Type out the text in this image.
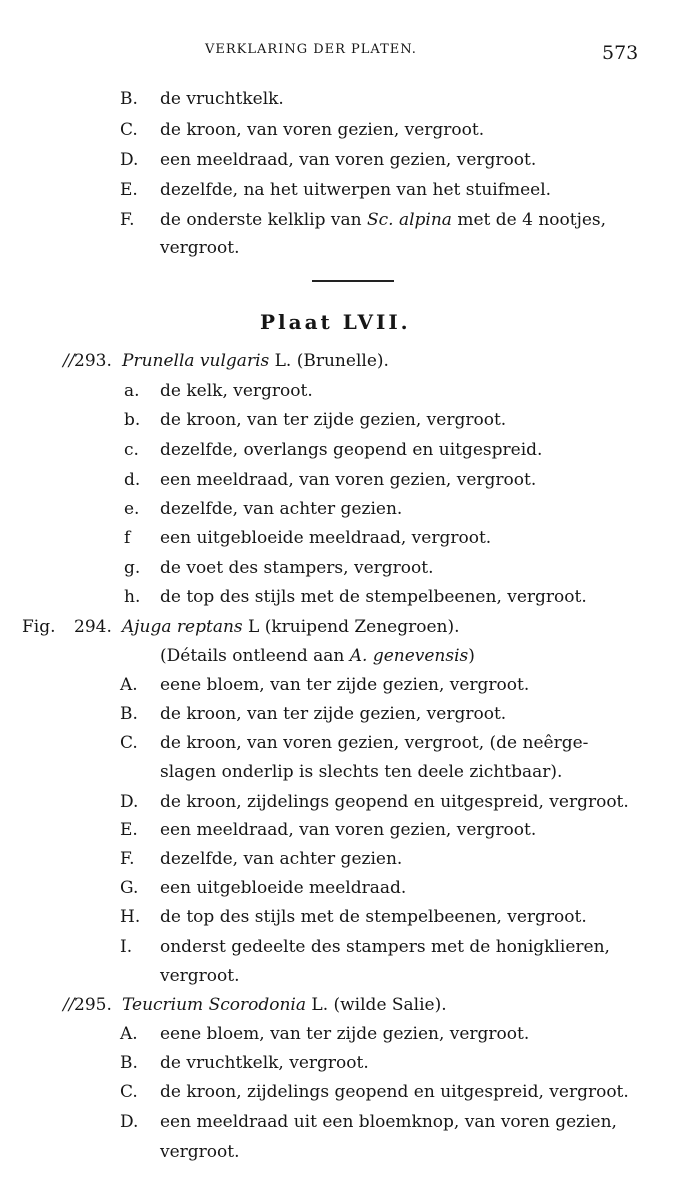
VERKLARING DER PLATEN.	573
B. de vruchtkelk.
C. de kroon, van voren gezien, vergroot.
D. een meeldraad, van voren gezien, vergroot.
E. dezelfde, na het uitwerpen van het stuifmeel.
F. de onderste kelklip van Sc. alpina met de 4 nootjes,
vergroot.
Plaat LVII.
// 293. Prunella vulgaris L. (Brunelle).
a. de kelk, vergroot.
b. de kroon, van ter zijde gezien, vergroot.
c. dezelfde, overlangs geopend en uitgespreid.
d. een meeldraad, van voren gezien, vergroot.
e. dezelfde, van achter gezien.
f een uitgebloeide meeldraad, vergroot.
g. de voet des stampers, vergroot.
h. de top des stijls met de stempelbeenen, vergroot.
Fig. 294. Ajuga reptans L (kruipend Zenegroen).
(Détails ontleend aan A. genevensis)
A. eene bloem, van ter zijde gezien, vergroot.
B. de kroon, van ter zijde gezien, vergroot.
C. de kroon, van voren gezien, vergroot, (de neêrge-
slagen onderlip is slechts ten deele zichtbaar).
D. de kroon, zijdelings geopend en uitgespreid, vergroot.
E. een meeldraad, van voren gezien, vergroot.
F. dezelfde, van achter gezien.
G. een uitgebloeide meeldraad.
H. de top des stijls met de stempelbeenen, vergroot.
I. onderst gedeelte des stampers met de honigklieren,
vergroot.
// 295. Teucrium Scorodonia L. (wilde Salie).
A. eene bloem, van ter zijde gezien, vergroot.
B. de vruchtkelk, vergroot.
C. de kroon, zijdelings geopend en uitgespreid, vergroot.
D. een meeldraad uit een bloemknop, van voren gezien,
vergroot.
